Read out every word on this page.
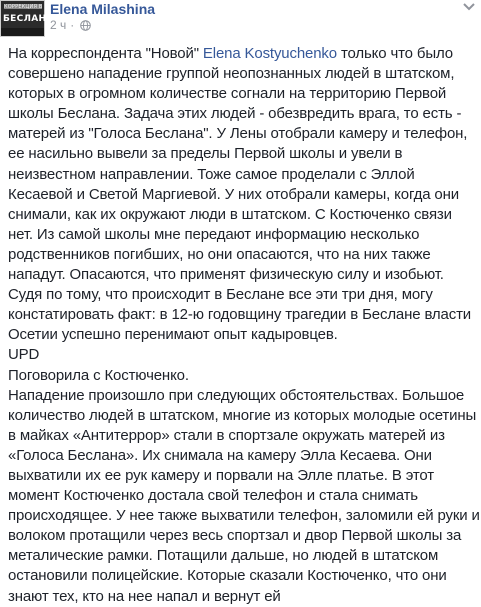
КОРРЕКЦИЯ В
БЕСЛАНЕ
Elena Milashina
2 ч ·

На корреспондента "Новой" Elena Kostyuchenko только что было совершено нападение группой неопознанных людей в штатском, которых в огромном количестве согнали на территорию Первой школы Беслана. Задача этих людей - обезвредить врага, то есть - матерей из "Голоса Беслана". У Лены отобрали камеру и телефон, ее насильно вывели за пределы Первой школы и увели в неизвестном направлении. Тоже самое проделали с Эллой Кесаевой и Светой Маргиевой. У них отобрали камеры, когда они снимали, как их окружают люди в штатском. С Костюченко связи нет. Из самой школы мне передают информацию несколько родственников погибших, но они опасаются, что на них также нападут. Опасаются, что применят физическую силу и изобьют. Судя по тому, что происходит в Беслане все эти три дня, могу констатировать факт: в 12-ю годовщину трагедии в Беслане власти Осетии успешно перенимают опыт кадыровцев.

UPD

Поговорила с Костюченко.

Нападение произошло при следующих обстоятельствах. Большое количество людей в штатском, многие из которых молодые осетины в майках «Антитеррор» стали в спортзале окружать матерей из «Голоса Беслана». Их снимала на камеру Элла Кесаева. Они выхватили их ее рук камеру и порвали на Элле платье. В этот момент Костюченко достала свой телефон и стала снимать происходящее. У нее также выхватили телефон, заломили ей руки и волоком протащили через весь спортзал и двор Первой школы за металические рамки. Потащили дальше, но людей в штатском остановили полицейские. Которые сказали Костюченко, что они знают тех, кто на нее напал и вернут ей
